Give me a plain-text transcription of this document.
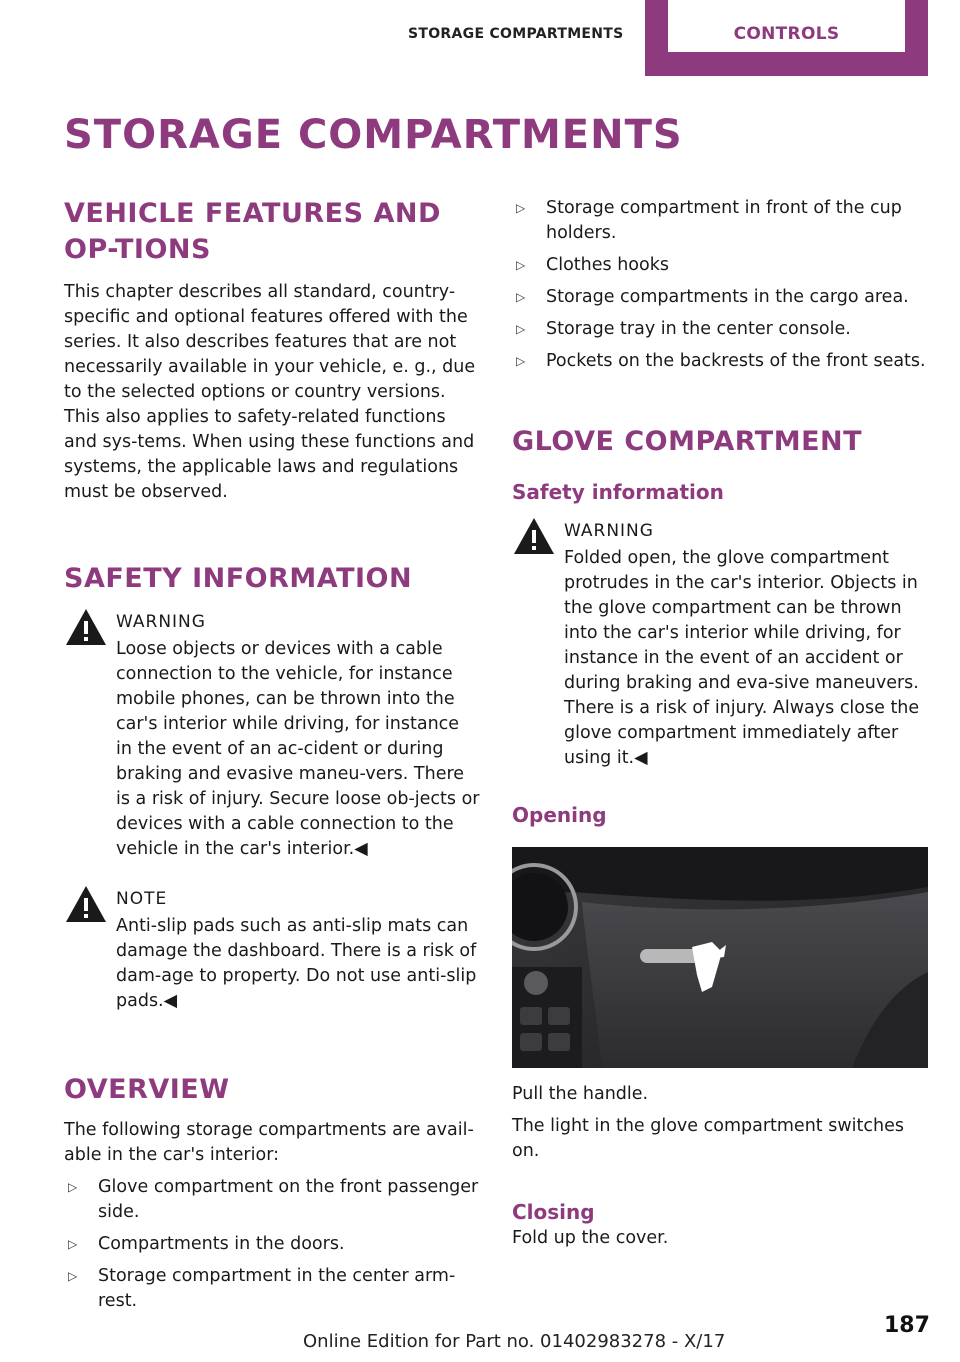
STORAGE COMPARTMENTS	CONTROLS
STORAGE COMPARTMENTS
VEHICLE FEATURES AND OP-TIONS

This chapter describes all standard, country-specific and optional features offered with the series. It also describes features that are not necessarily available in your vehicle, e. g., due to the selected options or country versions. This also applies to safety-related functions and sys-tems. When using these functions and systems, the applicable laws and regulations must be observed.

SAFETY INFORMATION
WARNING
Loose objects or devices with a cable connection to the vehicle, for instance mobile phones, can be thrown into the car's interior while driving, for instance in the event of an ac-cident or during braking and evasive maneu-vers. There is a risk of injury. Secure loose ob-jects or devices with a cable connection to the vehicle in the car's interior.◀
NOTE
Anti-slip pads such as anti-slip mats can damage the dashboard. There is a risk of dam-age to property. Do not use anti-slip pads.◀
OVERVIEW

The following storage compartments are avail-able in the car's interior:

▷ Glove compartment on the front passenger side.
▷ Compartments in the doors.
▷ Storage compartment in the center arm-rest.
▷ Storage compartment in front of the cup holders.
▷ Clothes hooks
▷ Storage compartments in the cargo area.
▷ Storage tray in the center console.
▷ Pockets on the backrests of the front seats.
GLOVE COMPARTMENT
Safety information
WARNING
Folded open, the glove compartment protrudes in the car's interior. Objects in the glove compartment can be thrown into the car's interior while driving, for instance in the event of an accident or during braking and eva-sive maneuvers. There is a risk of injury. Always close the glove compartment immediately after using it.◀
Opening

Pull the handle.

The light in the glove compartment switches on.

Closing

Fold up the cover.

Online Edition for Part no. 01402983278 - X/17
187
